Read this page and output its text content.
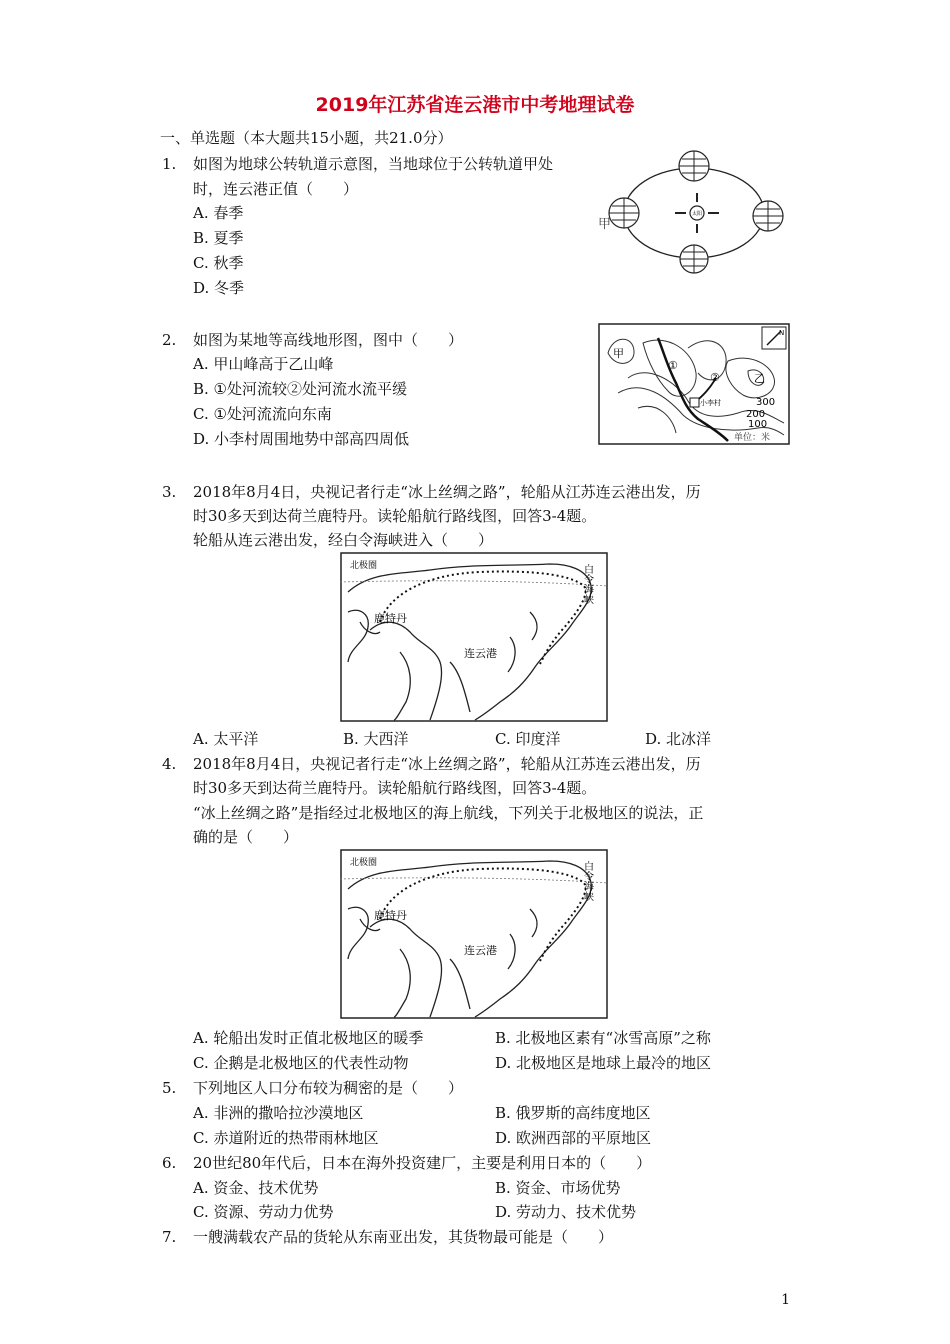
2019年江苏省连云港市中考地理试卷
一、单选题（本大题共15小题，共21.0分）
1. 如图为地球公转轨道示意图，当地球位于公转轨道甲处
时，连云港正值（　　）
A. 春季
B. 夏季
C. 秋季
D. 冬季
太阳
甲
2. 如图为某地等高线地形图，图中（　　）
A. 甲山峰高于乙山峰
B. ①处河流较②处河流水流平缓
C. ①处河流流向东南
D. 小李村周围地势中部高四周低
甲
乙
①
②
小李村	300
200
100
单位：米
N
3. 2018年8月4日，央视记者行走“冰上丝绸之路”，轮船从江苏连云港出发，历
时30多天到达荷兰鹿特丹。读轮船航行路线图，回答3-4题。
轮船从连云港出发，经白令海峡进入（　　）
北极圈
鹿特丹
连云港
白令海峡
A. 太平洋	B. 大西洋	C. 印度洋	D. 北冰洋
4. 2018年8月4日，央视记者行走“冰上丝绸之路”，轮船从江苏连云港出发，历
时30多天到达荷兰鹿特丹。读轮船航行路线图，回答3-4题。
“冰上丝绸之路”是指经过北极地区的海上航线，下列关于北极地区的说法，正
确的是（　　）
北极圈
鹿特丹
连云港
白令海峡
A. 轮船出发时正值北极地区的暖季	B. 北极地区素有“冰雪高原”之称
C. 企鹅是北极地区的代表性动物	D. 北极地区是地球上最冷的地区
5. 下列地区人口分布较为稠密的是（　　）
A. 非洲的撒哈拉沙漠地区	B. 俄罗斯的高纬度地区
C. 赤道附近的热带雨林地区	D. 欧洲西部的平原地区
6. 20世纪80年代后，日本在海外投资建厂，主要是利用日本的（　　）
A. 资金、技术优势	B. 资金、市场优势
C. 资源、劳动力优势	D. 劳动力、技术优势
7. 一艘满载农产品的货轮从东南亚出发，其货物最可能是（　　）
1
